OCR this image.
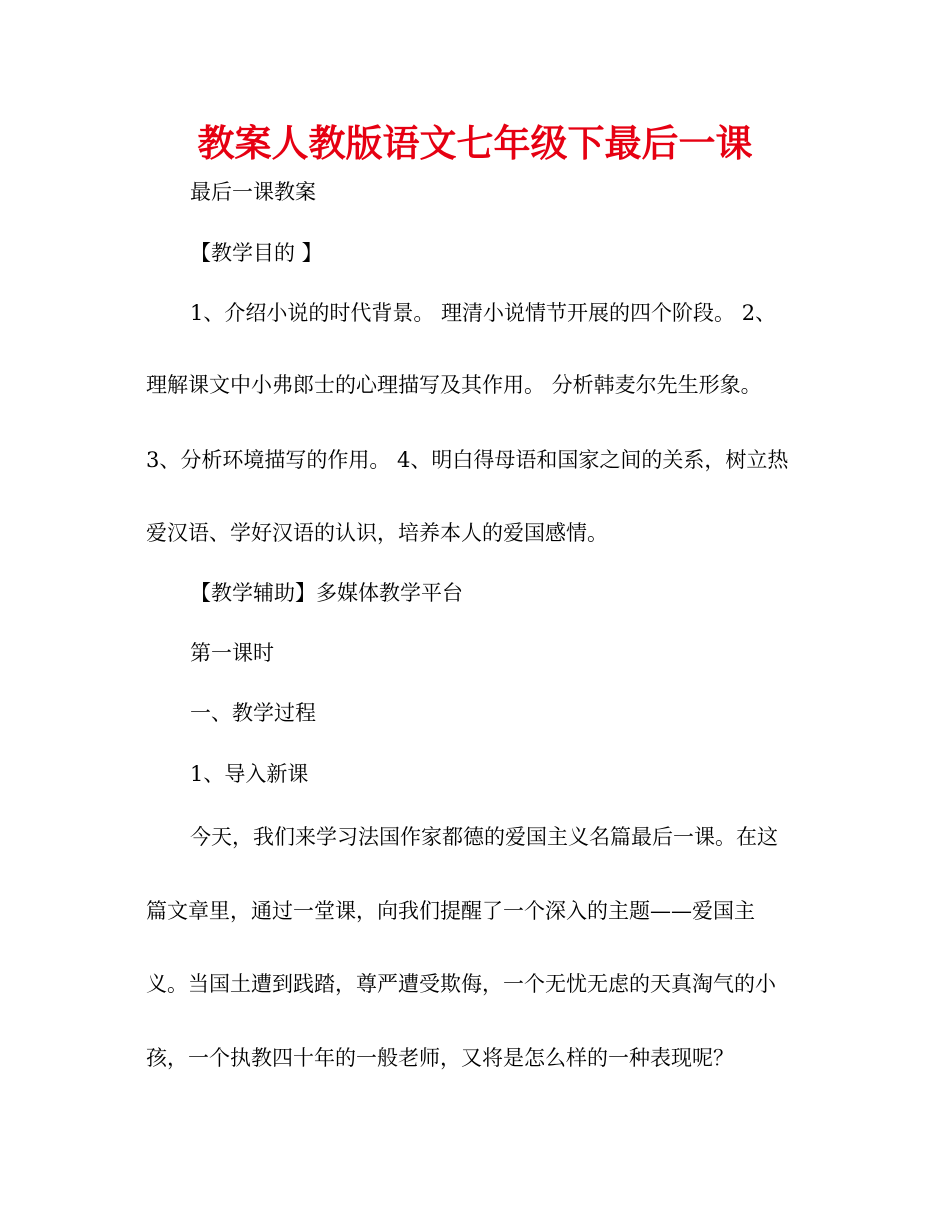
教案人教版语文七年级下最后一课
最后一课教案
【教学目的 】
1、介绍小说的时代背景。 理清小说情节开展的四个阶段。 2、
理解课文中小弗郎士的心理描写及其作用。 分析韩麦尔先生形象。
3、分析环境描写的作用。 4、明白得母语和国家之间的关系，树立热
爱汉语、学好汉语的认识，培养本人的爱国感情。
【教学辅助】多媒体教学平台
第一课时
一、教学过程
1、导入新课
今天，我们来学习法国作家都德的爱国主义名篇最后一课。在这
篇文章里，通过一堂课，向我们提醒了一个深入的主题——爱国主
义。当国土遭到践踏，尊严遭受欺侮，一个无忧无虑的天真淘气的小
孩，一个执教四十年的一般老师，又将是怎么样的一种表现呢？
